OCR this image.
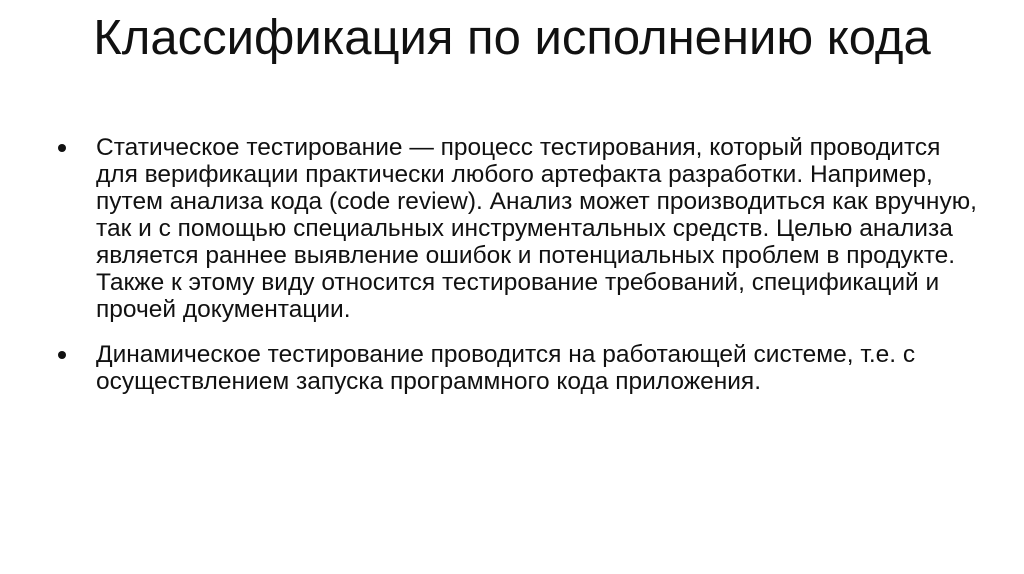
Классификация по исполнению кода
Статическое тестирование — процесс тестирования, который проводится для верификации практически любого артефакта разработки. Например, путем анализа кода (code review). Анализ может производиться как вручную, так и с помощью специальных инструментальных средств. Целью анализа является раннее выявление ошибок и потенциальных проблем в продукте. Также к этому виду относится тестирование требований, спецификаций и прочей документации.
Динамическое тестирование проводится на работающей системе, т.е. с осуществлением запуска программного кода приложения.
